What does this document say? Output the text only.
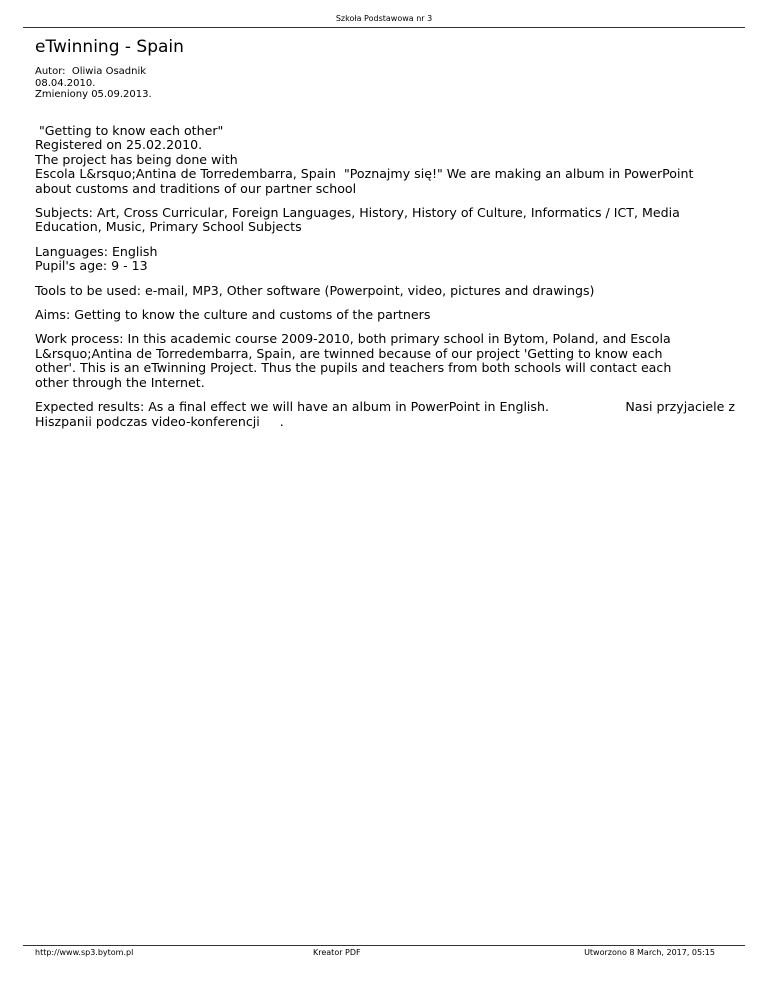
Szkoła Podstawowa nr 3
eTwinning - Spain
Autor:  Oliwia Osadnik
08.04.2010.
Zmieniony 05.09.2013.

"Getting to know each other"
Registered on 25.02.2010.
The project has being done with
Escola L&rsquo;Antina de Torredembarra, Spain  "Poznajmy się!" We are making an album in PowerPoint
about customs and traditions of our partner school

Subjects: Art, Cross Curricular, Foreign Languages, History, History of Culture, Informatics / ICT, Media
Education, Music, Primary School Subjects

Languages: English
Pupil's age: 9 - 13

Tools to be used: e-mail, MP3, Other software (Powerpoint, video, pictures and drawings)

Aims: Getting to know the culture and customs of the partners

Work process: In this academic course 2009-2010, both primary school in Bytom, Poland, and Escola
L&rsquo;Antina de Torredembarra, Spain, are twinned because of our project 'Getting to know each
other'. This is an eTwinning Project. Thus the pupils and teachers from both schools will contact each
other through the Internet.

Expected results: As a final effect we will have an album in PowerPoint in English.	Nasi przyjaciele z
Hiszpanii podczas video-konferencji .
http://www.sp3.bytom.pl	Kreator PDF	Utworzono 8 March, 2017, 05:15
